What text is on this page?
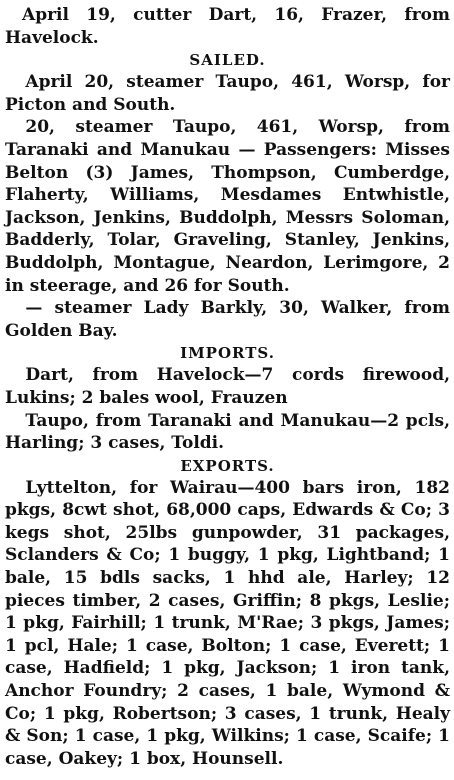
April 19, cutter Dart, 16, Frazer, from Havelock.

SAILED.

April 20, steamer Taupo, 461, Worsp, for Picton and South.

20, steamer Taupo, 461, Worsp, from Taranaki and Manukau — Passengers: Misses Belton (3) James, Thompson, Cumberdge, Flaherty, Williams, Mesdames Entwhistle, Jackson, Jenkins, Buddolph, Messrs Soloman, Badderly, Tolar, Graveling, Stanley, Jenkins, Buddolph, Montague, Neardon, Lerimgore, 2 in steerage, and 26 for South.

— steamer Lady Barkly, 30, Walker, from Golden Bay.

IMPORTS.

Dart, from Havelock—7 cords firewood, Lukins; 2 bales wool, Frauzen

Taupo, from Taranaki and Manukau—2 pcls, Harling; 3 cases, Toldi.

EXPORTS.

Lyttelton, for Wairau—400 bars iron, 182 pkgs, 8cwt shot, 68,000 caps, Edwards & Co; 3 kegs shot, 25lbs gunpowder, 31 packages, Sclanders & Co; 1 buggy, 1 pkg, Lightband; 1 bale, 15 bdls sacks, 1 hhd ale, Harley; 12 pieces timber, 2 cases, Griffin; 8 pkgs, Leslie; 1 pkg, Fairhill; 1 trunk, M'Rae; 3 pkgs, James; 1 pcl, Hale; 1 case, Bolton; 1 case, Everett; 1 case, Hadfield; 1 pkg, Jackson; 1 iron tank, Anchor Foundry; 2 cases, 1 bale, Wymond & Co; 1 pkg, Robertson; 3 cases, 1 trunk, Healy & Son; 1 case, 1 pkg, Wilkins; 1 case, Scaife; 1 case, Oakey; 1 box, Hounsell.
